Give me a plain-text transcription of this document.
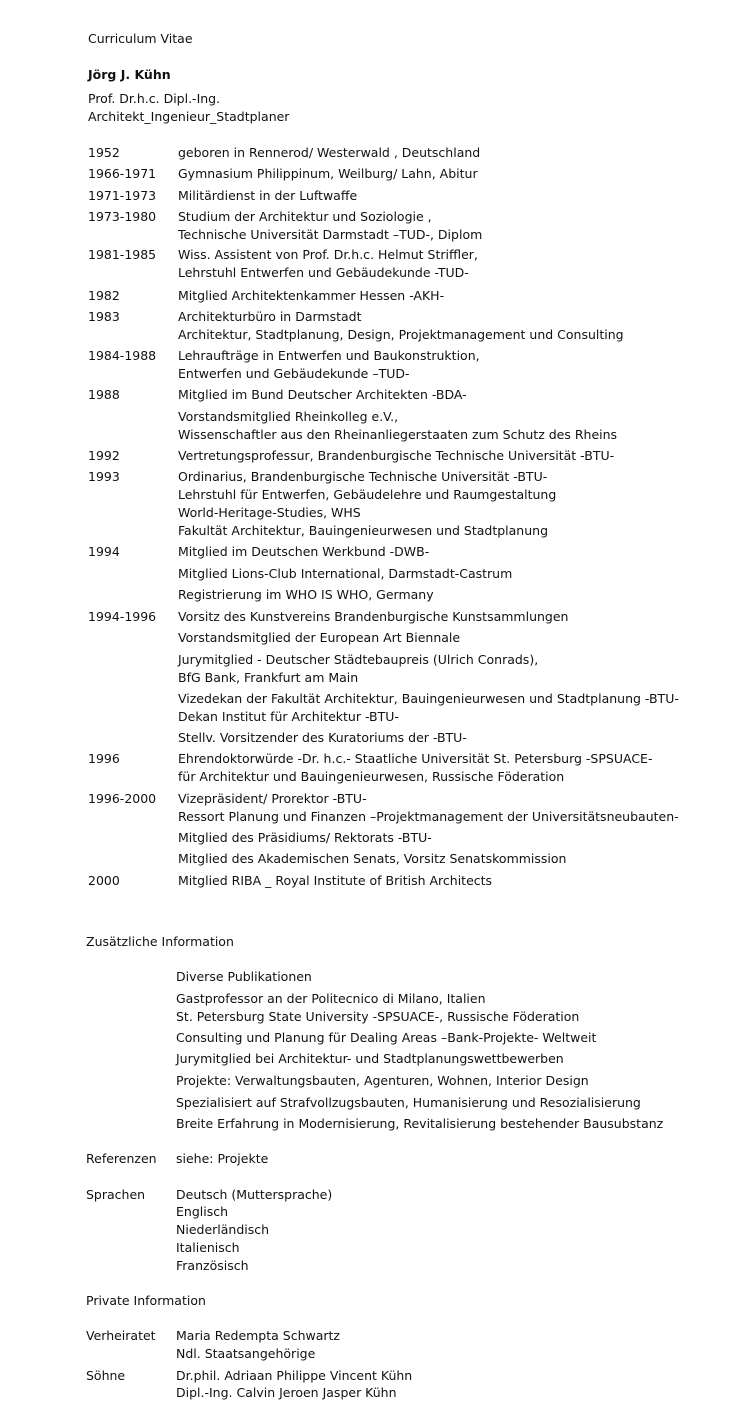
Curriculum Vitae
Jörg J. Kühn
Prof. Dr.h.c. Dipl.-Ing.
Architekt_Ingenieur_Stadtplaner
1952	geboren in Rennerod/ Westerwald , Deutschland
1966-1971 Gymnasium Philippinum, Weilburg/ Lahn, Abitur
1971-1973 Militärdienst in der Luftwaffe
1973-1980 Studium der Architektur und Soziologie ,
Technische Universität Darmstadt –TUD-, Diplom
1981-1985 Wiss. Assistent von Prof. Dr.h.c. Helmut Striffler,
Lehrstuhl Entwerfen und Gebäudekunde -TUD-
1982	Mitglied Architektenkammer Hessen -AKH-
1983	Architekturbüro in Darmstadt
Architektur, Stadtplanung, Design, Projektmanagement und Consulting
1984-1988 Lehraufträge in Entwerfen und Baukonstruktion,
Entwerfen und Gebäudekunde –TUD-
1988	Mitglied im Bund Deutscher Architekten -BDA-
Vorstandsmitglied Rheinkolleg e.V.,
Wissenschaftler aus den Rheinanliegerstaaten zum Schutz des Rheins
1992	Vertretungsprofessur, Brandenburgische Technische Universität -BTU-
1993	Ordinarius, Brandenburgische Technische Universität -BTU-
Lehrstuhl für Entwerfen, Gebäudelehre und Raumgestaltung
World-Heritage-Studies, WHS
Fakultät Architektur, Bauingenieurwesen und Stadtplanung
1994	Mitglied im Deutschen Werkbund -DWB-
Mitglied Lions-Club International, Darmstadt-Castrum
Registrierung im WHO IS WHO, Germany
1994-1996 Vorsitz des Kunstvereins Brandenburgische Kunstsammlungen
Vorstandsmitglied der European Art Biennale
Jurymitglied - Deutscher Städtebaupreis (Ulrich Conrads),
BfG Bank, Frankfurt am Main
Vizedekan der Fakultät Architektur, Bauingenieurwesen und Stadtplanung -BTU-
Dekan Institut für Architektur -BTU-
Stellv. Vorsitzender des Kuratoriums der -BTU-
1996	Ehrendoktorwürde -Dr. h.c.- Staatliche Universität St. Petersburg -SPSUACE-
für Architektur und Bauingenieurwesen, Russische Föderation
1996-2000 Vizepräsident/ Prorektor -BTU-
Ressort Planung und Finanzen –Projektmanagement der Universitätsneubauten-
Mitglied des Präsidiums/ Rektorats -BTU-
Mitglied des Akademischen Senats, Vorsitz Senatskommission
2000	Mitglied RIBA _ Royal Institute of British Architects
Zusätzliche Information
Diverse Publikationen
Gastprofessor an der Politecnico di Milano, Italien
St. Petersburg State University -SPSUACE-, Russische Föderation
Consulting und Planung für Dealing Areas –Bank-Projekte- Weltweit
Jurymitglied bei Architektur- und Stadtplanungswettbewerben
Projekte: Verwaltungsbauten, Agenturen, Wohnen, Interior Design
Spezialisiert auf Strafvollzugsbauten, Humanisierung und Resozialisierung
Breite Erfahrung in Modernisierung, Revitalisierung bestehender Bausubstanz
Referenzen siehe: Projekte
Sprachen Deutsch (Muttersprache)
Englisch
Niederländisch
Italienisch
Französisch
Private Information
Verheiratet Maria Redempta Schwartz
Ndl. Staatsangehörige
Söhne	Dr.phil. Adriaan Philippe Vincent Kühn
Dipl.-Ing. Calvin Jeroen Jasper Kühn
